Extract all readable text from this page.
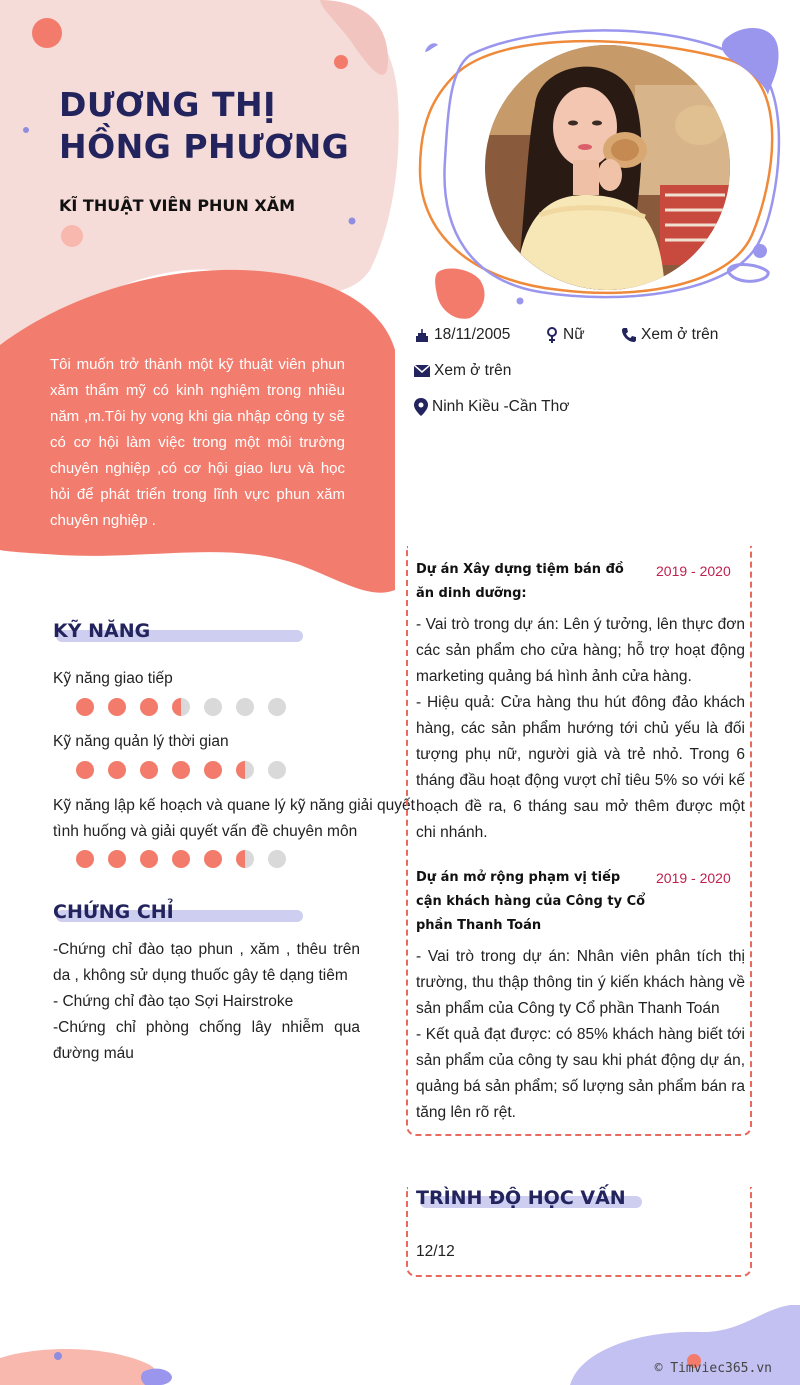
DƯƠNG THỊ
HỒNG PHƯƠNG
KĨ THUẬT VIÊN PHUN XĂM
Tôi muốn trở thành một kỹ thuật viên phun xăm thẩm mỹ có kinh nghiệm trong nhiều năm ,m.Tôi hy vọng khi gia nhập công ty sẽ có cơ hội làm việc trong một môi trường chuyên nghiệp ,có cơ hội giao lưu và học hỏi để phát triển trong lĩnh vực phun xăm chuyên nghiệp .
18/11/2005	Nữ	Xem ở trên
Xem ở trên
Ninh Kiều -Cần Thơ
KỸ NĂNG
Kỹ năng giao tiếp
Kỹ năng quản lý thời gian
Kỹ năng lập kế hoạch và quane lý kỹ năng giải quyết
tình huống và giải quyết vấn đề chuyên môn
CHỨNG CHỈ
-Chứng chỉ đào tạo phun , xăm , thêu trên da , không sử dụng thuốc gây tê dạng tiêm
- Chứng chỉ đào tạo Sợi Hairstroke
-Chứng chỉ phòng chống lây nhiễm qua đường máu
Dự án Xây dựng tiệm bán đồ ăn dinh dưỡng:
2019 - 2020
- Vai trò trong dự án: Lên ý tưởng, lên thực đơn các sản phẩm cho cửa hàng; hỗ trợ hoạt động marketing quảng bá hình ảnh cửa hàng.
- Hiệu quả: Cửa hàng thu hút đông đảo khách hàng, các sản phẩm hướng tới chủ yếu là đối tượng phụ nữ, người già và trẻ nhỏ. Trong 6 tháng đầu hoạt động vượt chỉ tiêu 5% so với kế hoạch đề ra, 6 tháng sau mở thêm được một chi nhánh.
Dự án mở rộng phạm vị tiếp cận khách hàng của Công ty Cổ phần Thanh Toán
2019 - 2020
- Vai trò trong dự án: Nhân viên phân tích thị trường, thu thập thông tin ý kiến khách hàng về sản phẩm của Công ty Cổ phần Thanh Toán
- Kết quả đạt được: có 85% khách hàng biết tới sản phẩm của công ty sau khi phát động dự án, quảng bá sản phẩm; số lượng sản phẩm bán ra tăng lên rõ rệt.
TRÌNH ĐỘ HỌC VẤN
12/12
© Timviec365.vn
